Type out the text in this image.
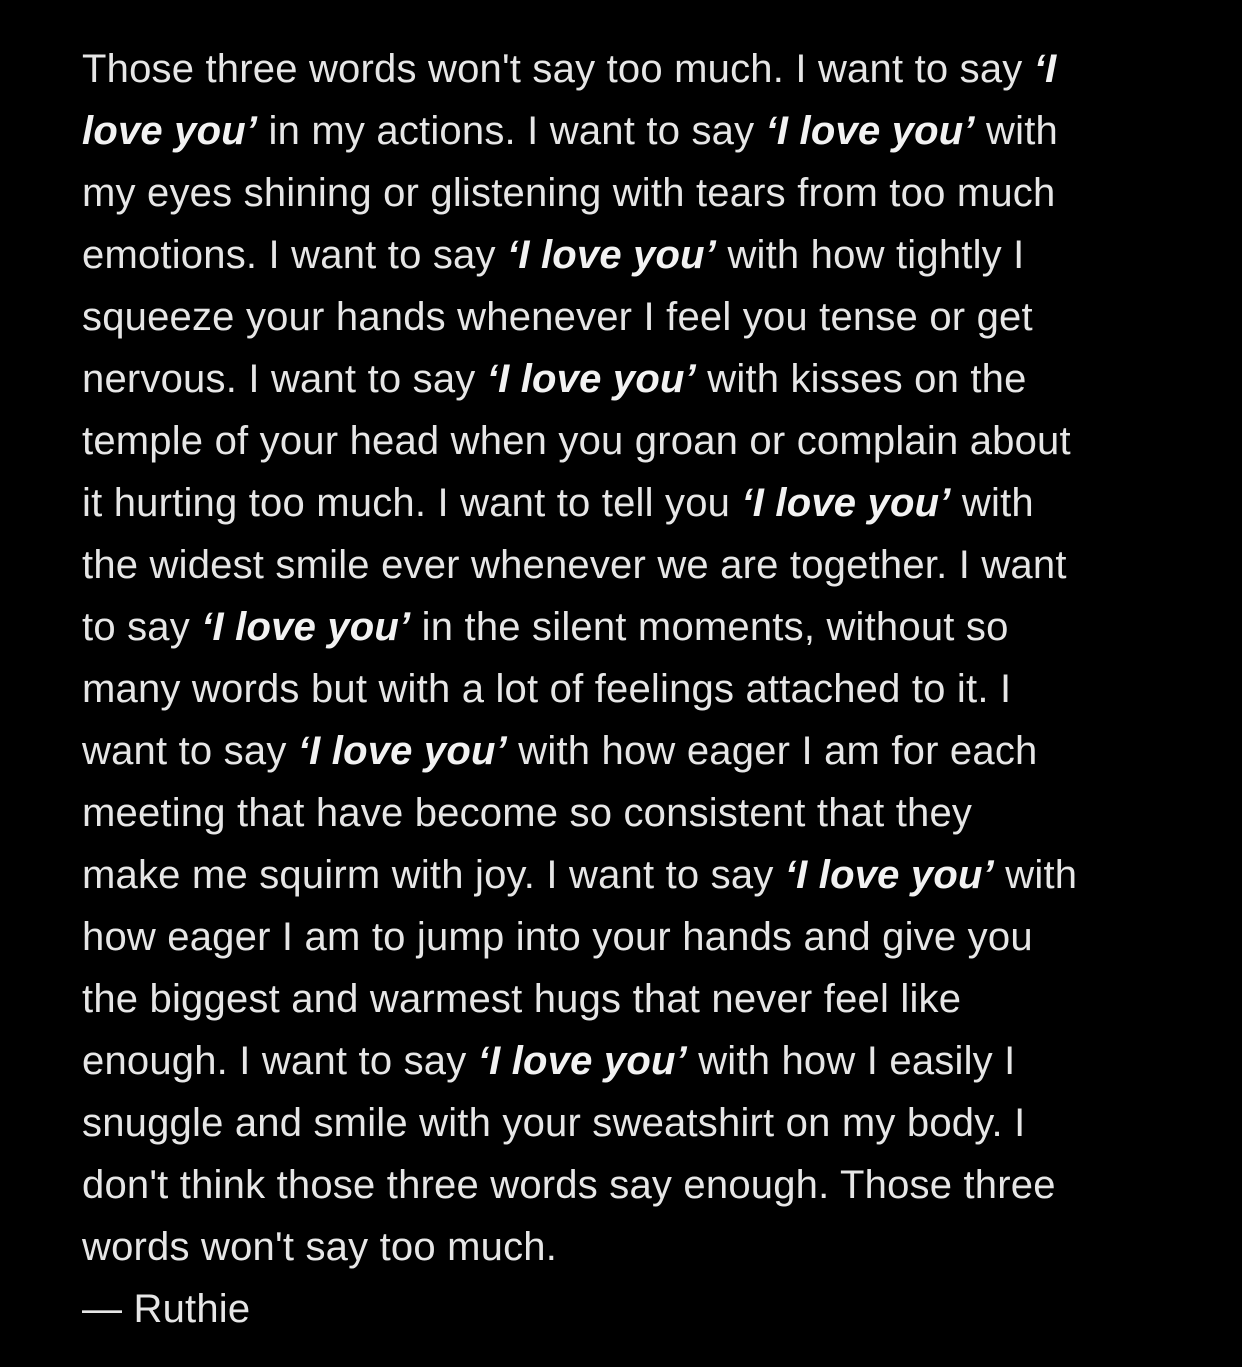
Those three words won't say too much. I want to say ‘I
love you’ in my actions. I want to say ‘I love you’ with
my eyes shining or glistening with tears from too much
emotions. I want to say ‘I love you’ with how tightly I
squeeze your hands whenever I feel you tense or get
nervous. I want to say ‘I love you’ with kisses on the
temple of your head when you groan or complain about
it hurting too much. I want to tell you ‘I love you’ with
the widest smile ever whenever we are together. I want
to say ‘I love you’ in the silent moments, without so
many words but with a lot of feelings attached to it. I
want to say ‘I love you’ with how eager I am for each
meeting that have become so consistent that they
make me squirm with joy. I want to say ‘I love you’ with
how eager I am to jump into your hands and give you
the biggest and warmest hugs that never feel like
enough. I want to say ‘I love you’ with how I easily I
snuggle and smile with your sweatshirt on my body. I
don't think those three words say enough. Those three
words won't say too much.
— Ruthie
